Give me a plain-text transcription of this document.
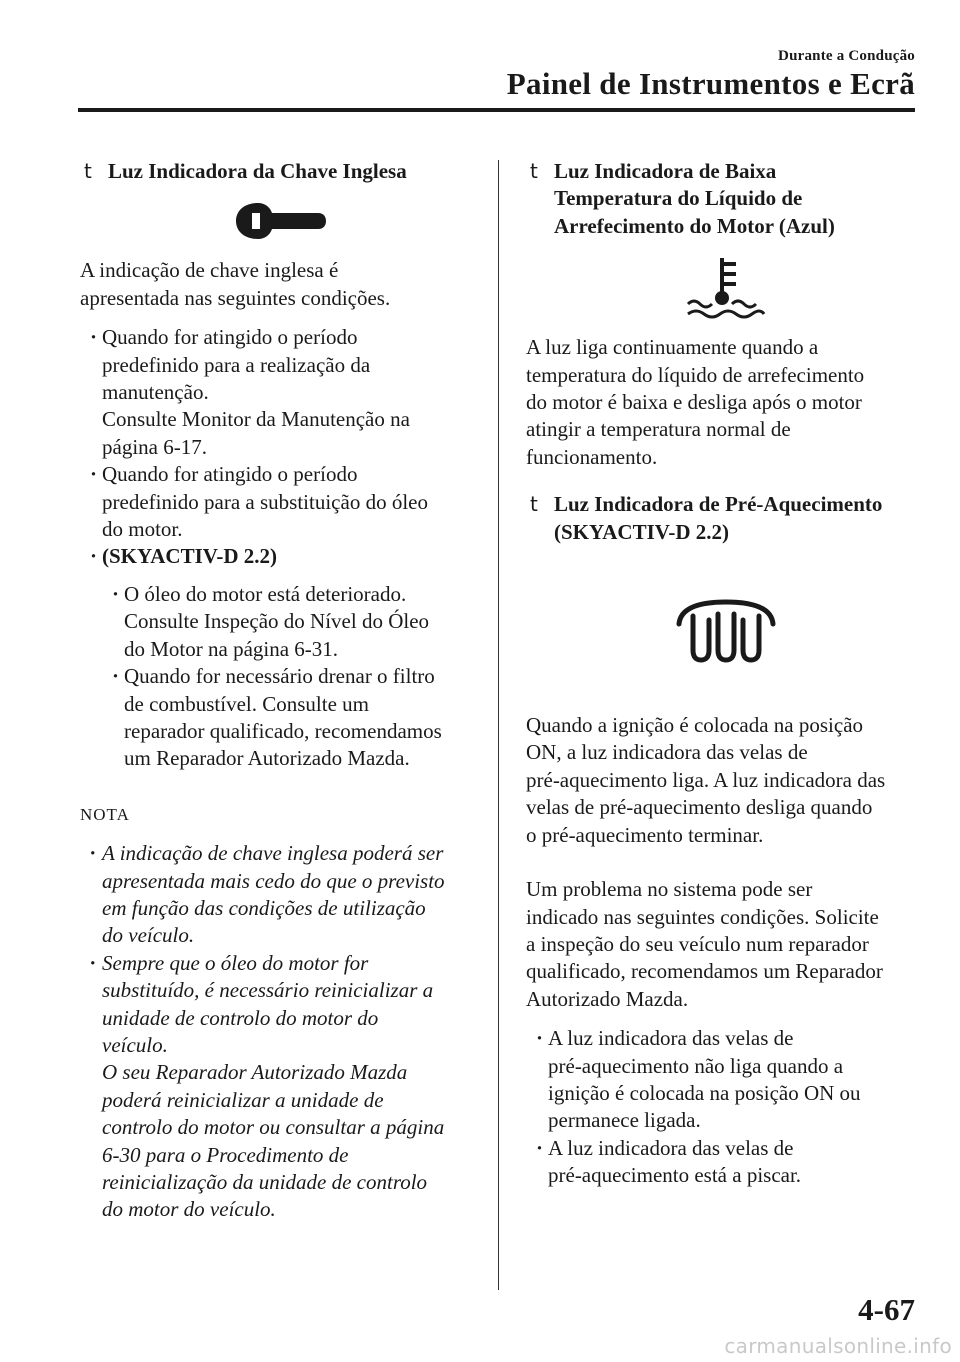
Durante a Condução
Painel de Instrumentos e Ecrã
t Luz Indicadora da Chave Inglesa

A indicação de chave inglesa é
apresentada nas seguintes condições.

· Quando for atingido o período
predefinido para a realização da
manutenção.
Consulte Monitor da Manutenção na
página 6-17.
· Quando for atingido o período
predefinido para a substituição do óleo
do motor.
· (SKYACTIV-D 2.2)
· O óleo do motor está deteriorado.
Consulte Inspeção do Nível do Óleo
do Motor na página 6-31.
· Quando for necessário drenar o filtro
de combustível. Consulte um
reparador qualificado, recomendamos
um Reparador Autorizado Mazda.
NOTA
· A indicação de chave inglesa poderá ser
apresentada mais cedo do que o previsto
em função das condições de utilização
do veículo.
· Sempre que o óleo do motor for
substituído, é necessário reinicializar a
unidade de controlo do motor do
veículo.
O seu Reparador Autorizado Mazda
poderá reinicializar a unidade de
controlo do motor ou consultar a página
6-30 para o Procedimento de
reinicialização da unidade de controlo
do motor do veículo.
t Luz Indicadora de Baixa
Temperatura do Líquido de
Arrefecimento do Motor (Azul)

A luz liga continuamente quando a
temperatura do líquido de arrefecimento
do motor é baixa e desliga após o motor
atingir a temperatura normal de
funcionamento.

t Luz Indicadora de Pré-Aquecimento
(SKYACTIV-D 2.2)

Quando a ignição é colocada na posição
ON, a luz indicadora das velas de
pré-aquecimento liga. A luz indicadora das
velas de pré-aquecimento desliga quando
o pré-aquecimento terminar.

Um problema no sistema pode ser
indicado nas seguintes condições. Solicite
a inspeção do seu veículo num reparador
qualificado, recomendamos um Reparador
Autorizado Mazda.

· A luz indicadora das velas de
pré-aquecimento não liga quando a
ignição é colocada na posição ON ou
permanece ligada.
· A luz indicadora das velas de
pré-aquecimento está a piscar.
4-67
carmanualsonline.info
